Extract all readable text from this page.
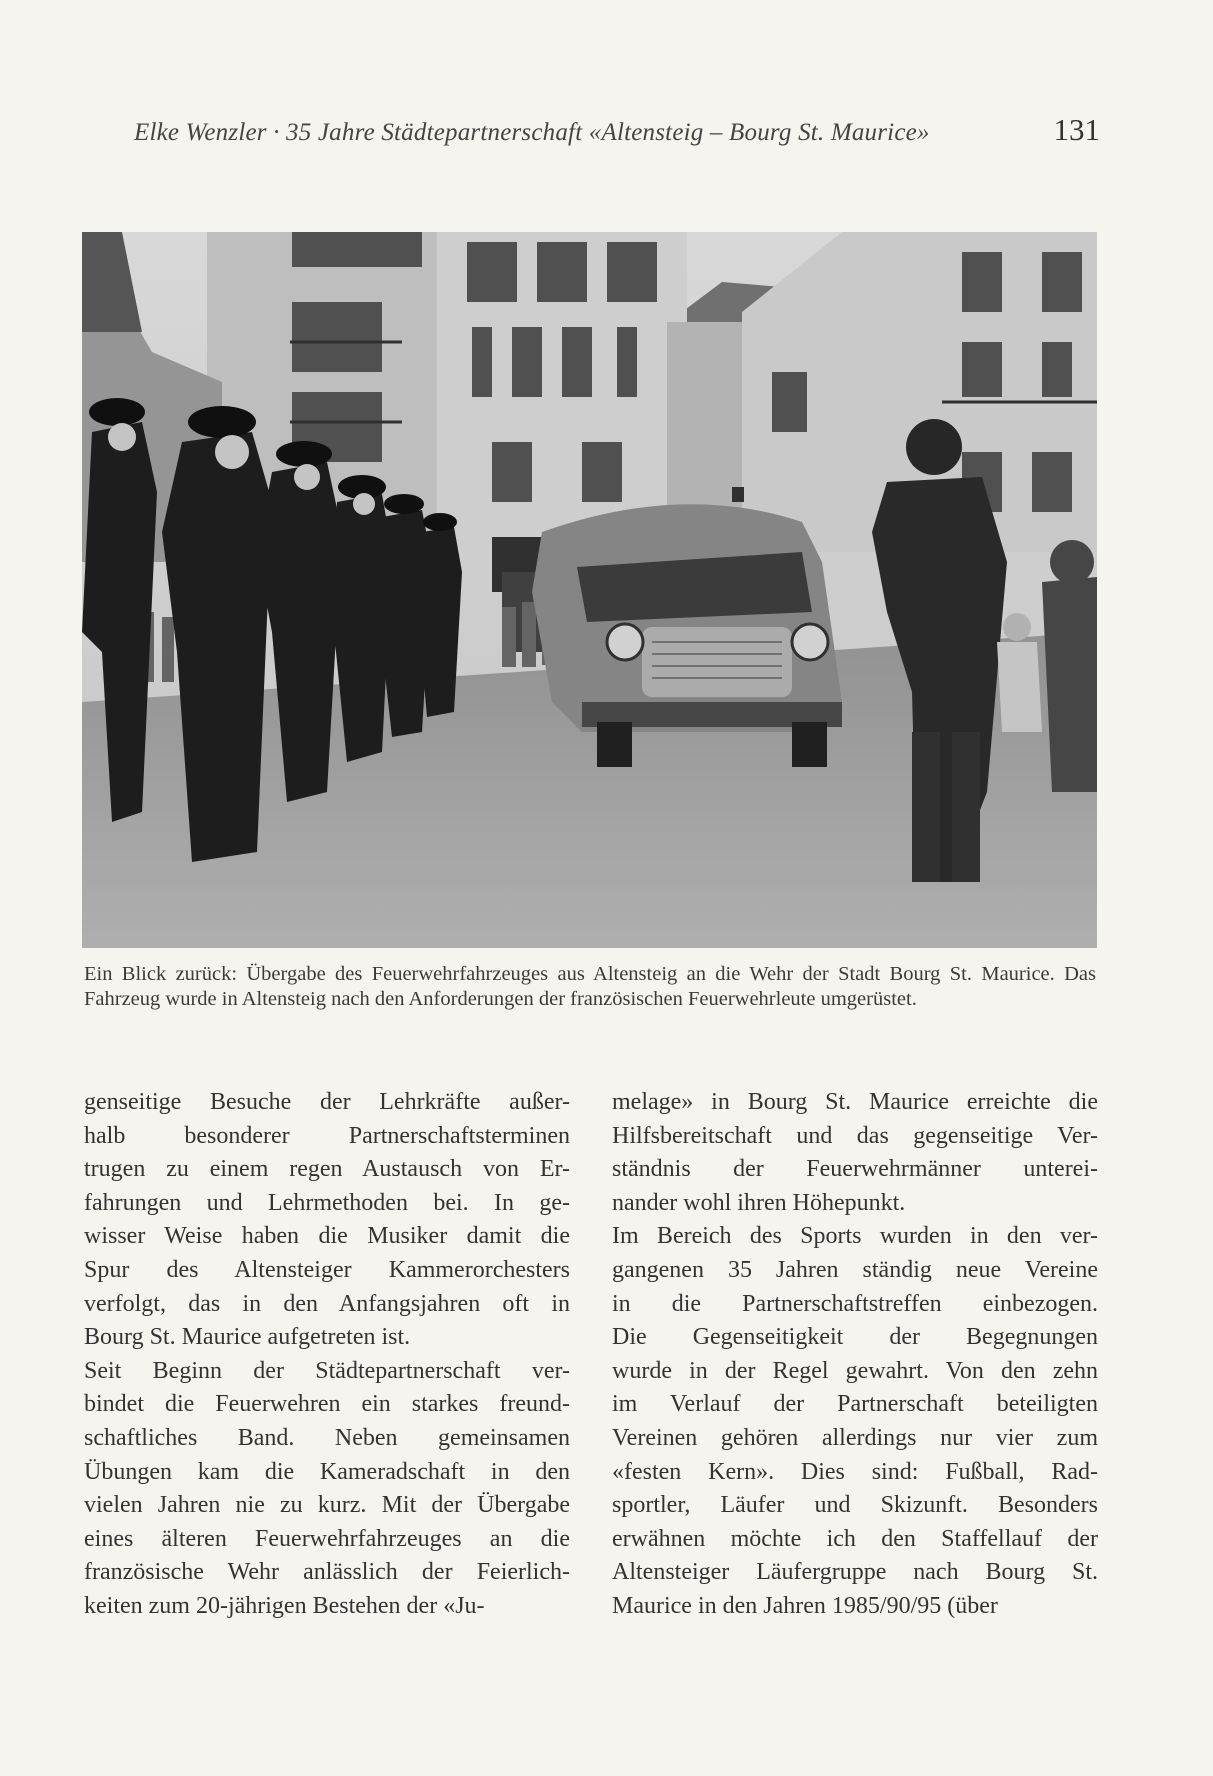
Elke Wenzler · 35 Jahre Städtepartnerschaft «Altensteig – Bourg St. Maurice»	131
Ein Blick zurück: Übergabe des Feuerwehrfahrzeuges aus Altensteig an die Wehr der Stadt Bourg St. Maurice. Das Fahrzeug wurde in Altensteig nach den Anforderungen der französischen Feuerwehrleute umgerüstet.

genseitige Besuche der Lehrkräfte außer-

halb besonderer Partnerschaftsterminen

trugen zu einem regen Austausch von Er-

fahrungen und Lehrmethoden bei. In ge-

wisser Weise haben die Musiker damit die

Spur des Altensteiger Kammerorchesters

verfolgt, das in den Anfangsjahren oft in

Bourg St. Maurice aufgetreten ist.

Seit Beginn der Städtepartnerschaft ver-

bindet die Feuerwehren ein starkes freund-

schaftliches Band. Neben gemeinsamen

Übungen kam die Kameradschaft in den

vielen Jahren nie zu kurz. Mit der Übergabe

eines älteren Feuerwehrfahrzeuges an die

französische Wehr anlässlich der Feierlich-

keiten zum 20-jährigen Bestehen der «Ju-

melage» in Bourg St. Maurice erreichte die

Hilfsbereitschaft und das gegenseitige Ver-

ständnis der Feuerwehrmänner unterei-

nander wohl ihren Höhepunkt.

Im Bereich des Sports wurden in den ver-

gangenen 35 Jahren ständig neue Vereine

in die Partnerschaftstreffen einbezogen.

Die Gegenseitigkeit der Begegnungen

wurde in der Regel gewahrt. Von den zehn

im Verlauf der Partnerschaft beteiligten

Vereinen gehören allerdings nur vier zum

«festen Kern». Dies sind: Fußball, Rad-

sportler, Läufer und Skizunft. Besonders

erwähnen möchte ich den Staffellauf der

Altensteiger Läufergruppe nach Bourg St.

Maurice in den Jahren 1985/90/95 (über
